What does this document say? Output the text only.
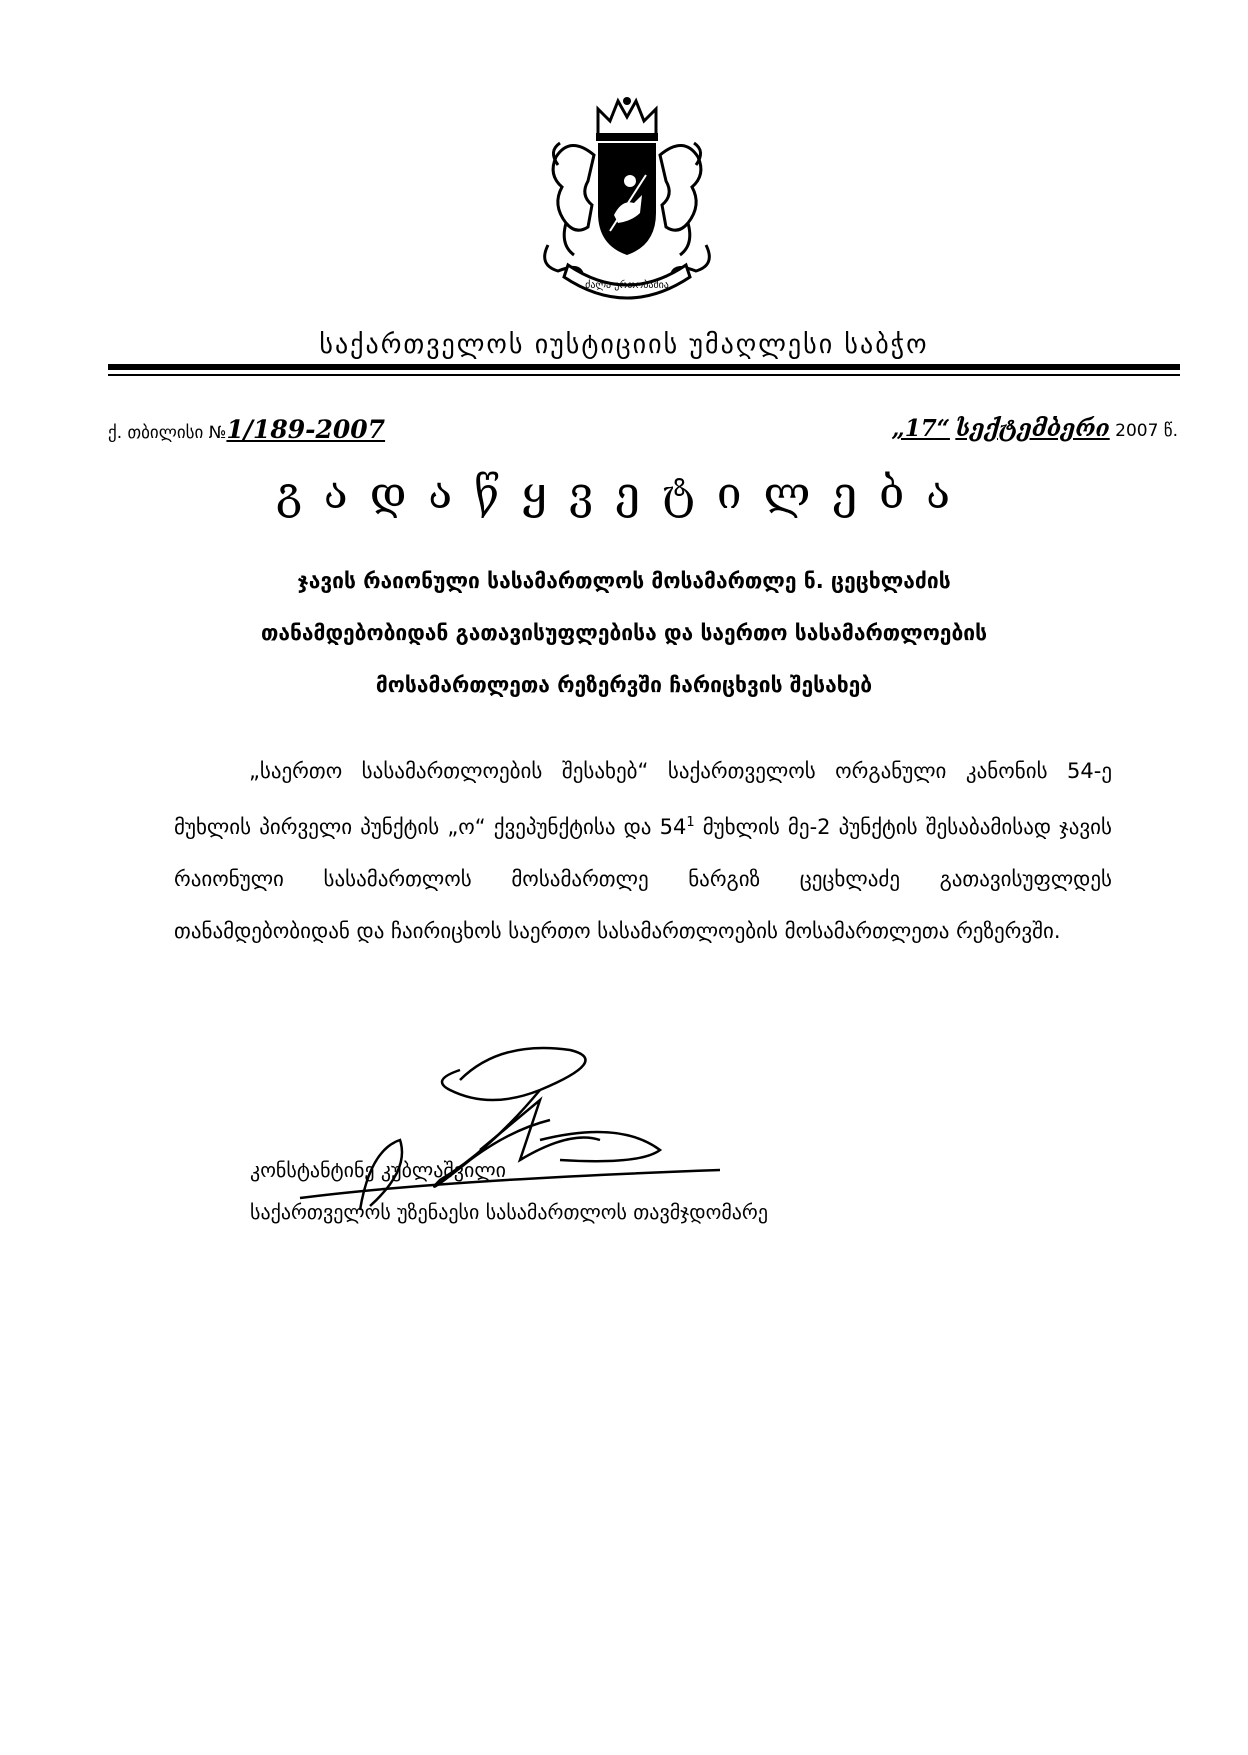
ძალა ერთობაშია
საქართველოს იუსტიციის უმაღლესი საბჭო
ქ. თბილისი №1/189-2007	„17“ სექტემბერი 2007 წ.
გადაწყვეტილება
ჯავის რაიონული სასამართლოს მოსამართლე ნ. ცეცხლაძის
თანამდებობიდან გათავისუფლებისა და საერთო სასამართლოების
მოსამართლეთა რეზერვში ჩარიცხვის შესახებ
„საერთო სასამართლოების შესახებ“ საქართველოს ორგანული კანონის 54-ე მუხლის პირველი პუნქტის „ო“ ქვეპუნქტისა და $54^1$ მუხლის მე-2 პუნქტის შესაბამისად ჯავის რაიონული სასამართლოს მოსამართლე ნარგიზ ცეცხლაძე გათავისუფლდეს თანამდებობიდან და ჩაირიცხოს საერთო სასამართლოების მოსამართლეთა რეზერვში.
კონსტანტინე კუბლაშვილი
საქართველოს უზენაესი სასამართლოს თავმჯდომარე
